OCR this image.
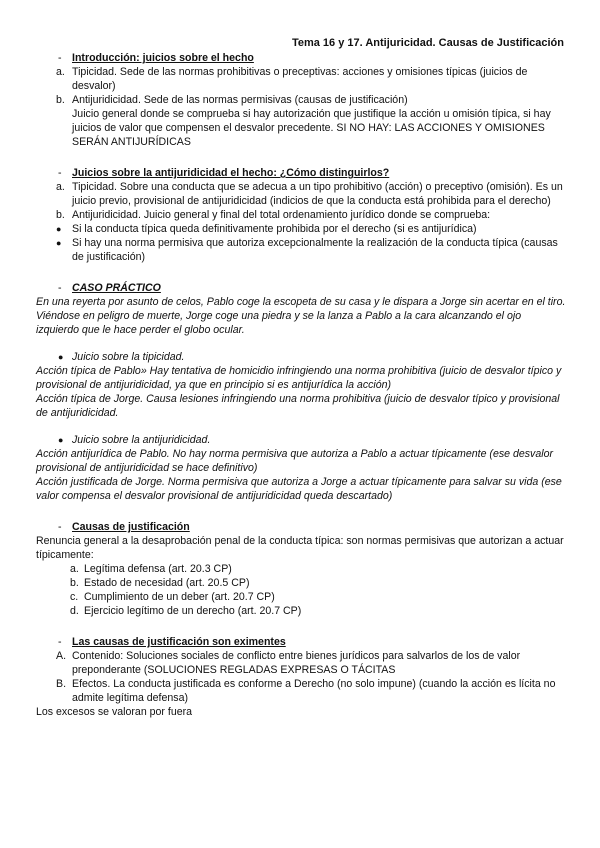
Tema 16 y 17. Antijuricidad. Causas de Justificación
- Introducción: juicios sobre el hecho
a. Tipicidad. Sede de las normas prohibitivas o preceptivas: acciones y omisiones típicas (juicios de desvalor)
b. Antijuridicidad. Sede de las normas permisivas (causas de justificación)
Juicio general donde se comprueba si hay autorización que justifique la acción u omisión típica, si hay juicios de valor que compensen el desvalor precedente. SI NO HAY: LAS ACCIONES Y OMISIONES SERÁN ANTIJURÍDICAS
- Juicios sobre la antijuridicidad el hecho: ¿Cómo distinguirlos?
a. Tipicidad. Sobre una conducta que se adecua a un tipo prohibitivo (acción) o preceptivo (omisión). Es un juicio previo, provisional de antijuridicidad (indicios de que la conducta está prohibida para el derecho)
b. Antijuridicidad. Juicio general y final del total ordenamiento jurídico donde se comprueba:
● Si la conducta típica queda definitivamente prohibida por el derecho (si es antijurídica)
● Si hay una norma permisiva que autoriza excepcionalmente la realización de la conducta típica (causas de justificación)
- CASO PRÁCTICO
En una reyerta por asunto de celos, Pablo coge la escopeta de su casa y le dispara a Jorge sin acertar en el tiro. Viéndose en peligro de muerte, Jorge coge una piedra y se la lanza a Pablo a la cara alcanzando el ojo izquierdo que le hace perder el globo ocular.
● Juicio sobre la tipicidad.
Acción típica de Pablo» Hay tentativa de homicidio infringiendo una norma prohibitiva (juicio de desvalor típico y provisional de antijuridicidad, ya que en principio si es antijurídica la acción)
Acción típica de Jorge. Causa lesiones infringiendo una norma prohibitiva (juicio de desvalor típico y provisional de antijuridicidad.
● Juicio sobre la antijuridicidad.
Acción antijurídica de Pablo. No hay norma permisiva que autoriza a Pablo a actuar típicamente (ese desvalor provisional de antijuridicidad se hace definitivo)
Acción justificada de Jorge. Norma permisiva que autoriza a Jorge a actuar típicamente para salvar su vida (ese valor compensa el desvalor provisional de antijuridicidad queda descartado)
- Causas de justificación
Renuncia general a la desaprobación penal de la conducta típica: son normas permisivas que autorizan a actuar típicamente:
a. Legítima defensa (art. 20.3 CP)
b. Estado de necesidad (art. 20.5 CP)
c. Cumplimiento de un deber (art. 20.7 CP)
d. Ejercicio legítimo de un derecho (art. 20.7 CP)
- Las causas de justificación son eximentes
A. Contenido: Soluciones sociales de conflicto entre bienes jurídicos para salvarlos de los de valor preponderante (SOLUCIONES REGLADAS EXPRESAS O TÁCITAS
B. Efectos. La conducta justificada es conforme a Derecho (no solo impune) (cuando la acción es lícita no admite legítima defensa)
Los excesos se valoran por fuera
